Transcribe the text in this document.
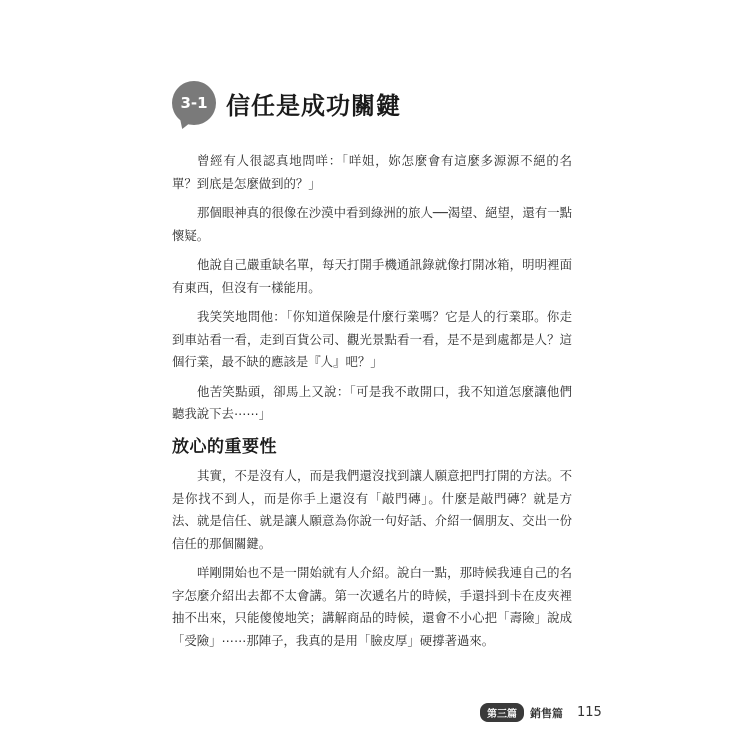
3-1 信任是成功關鍵

曾經有人很認真地問咩：「咩姐，妳怎麼會有這麼多源源不絕的名單？到底是怎麼做到的？」

那個眼神真的很像在沙漠中看到綠洲的旅人──渴望、絕望，還有一點懷疑。

他說自己嚴重缺名單，每天打開手機通訊錄就像打開冰箱，明明裡面有東西，但沒有一樣能用。

我笑笑地問他：「你知道保險是什麼行業嗎？它是人的行業耶。你走到車站看一看，走到百貨公司、觀光景點看一看，是不是到處都是人？這個行業，最不缺的應該是『人』吧？」

他苦笑點頭，卻馬上又說：「可是我不敢開口，我不知道怎麼讓他們聽我說下去⋯⋯」

放心的重要性

其實，不是沒有人，而是我們還沒找到讓人願意把門打開的方法。不是你找不到人，而是你手上還沒有「敲門磚」。什麼是敲門磚？就是方法、就是信任、就是讓人願意為你說一句好話、介紹一個朋友、交出一份信任的那個關鍵。

咩剛開始也不是一開始就有人介紹。說白一點，那時候我連自己的名字怎麼介紹出去都不太會講。第一次遞名片的時候，手還抖到卡在皮夾裡抽不出來，只能傻傻地笑；講解商品的時候，還會不小心把「壽險」說成「受險」⋯⋯那陣子，我真的是用「臉皮厚」硬撐著過來。

第三篇	銷售篇 115
